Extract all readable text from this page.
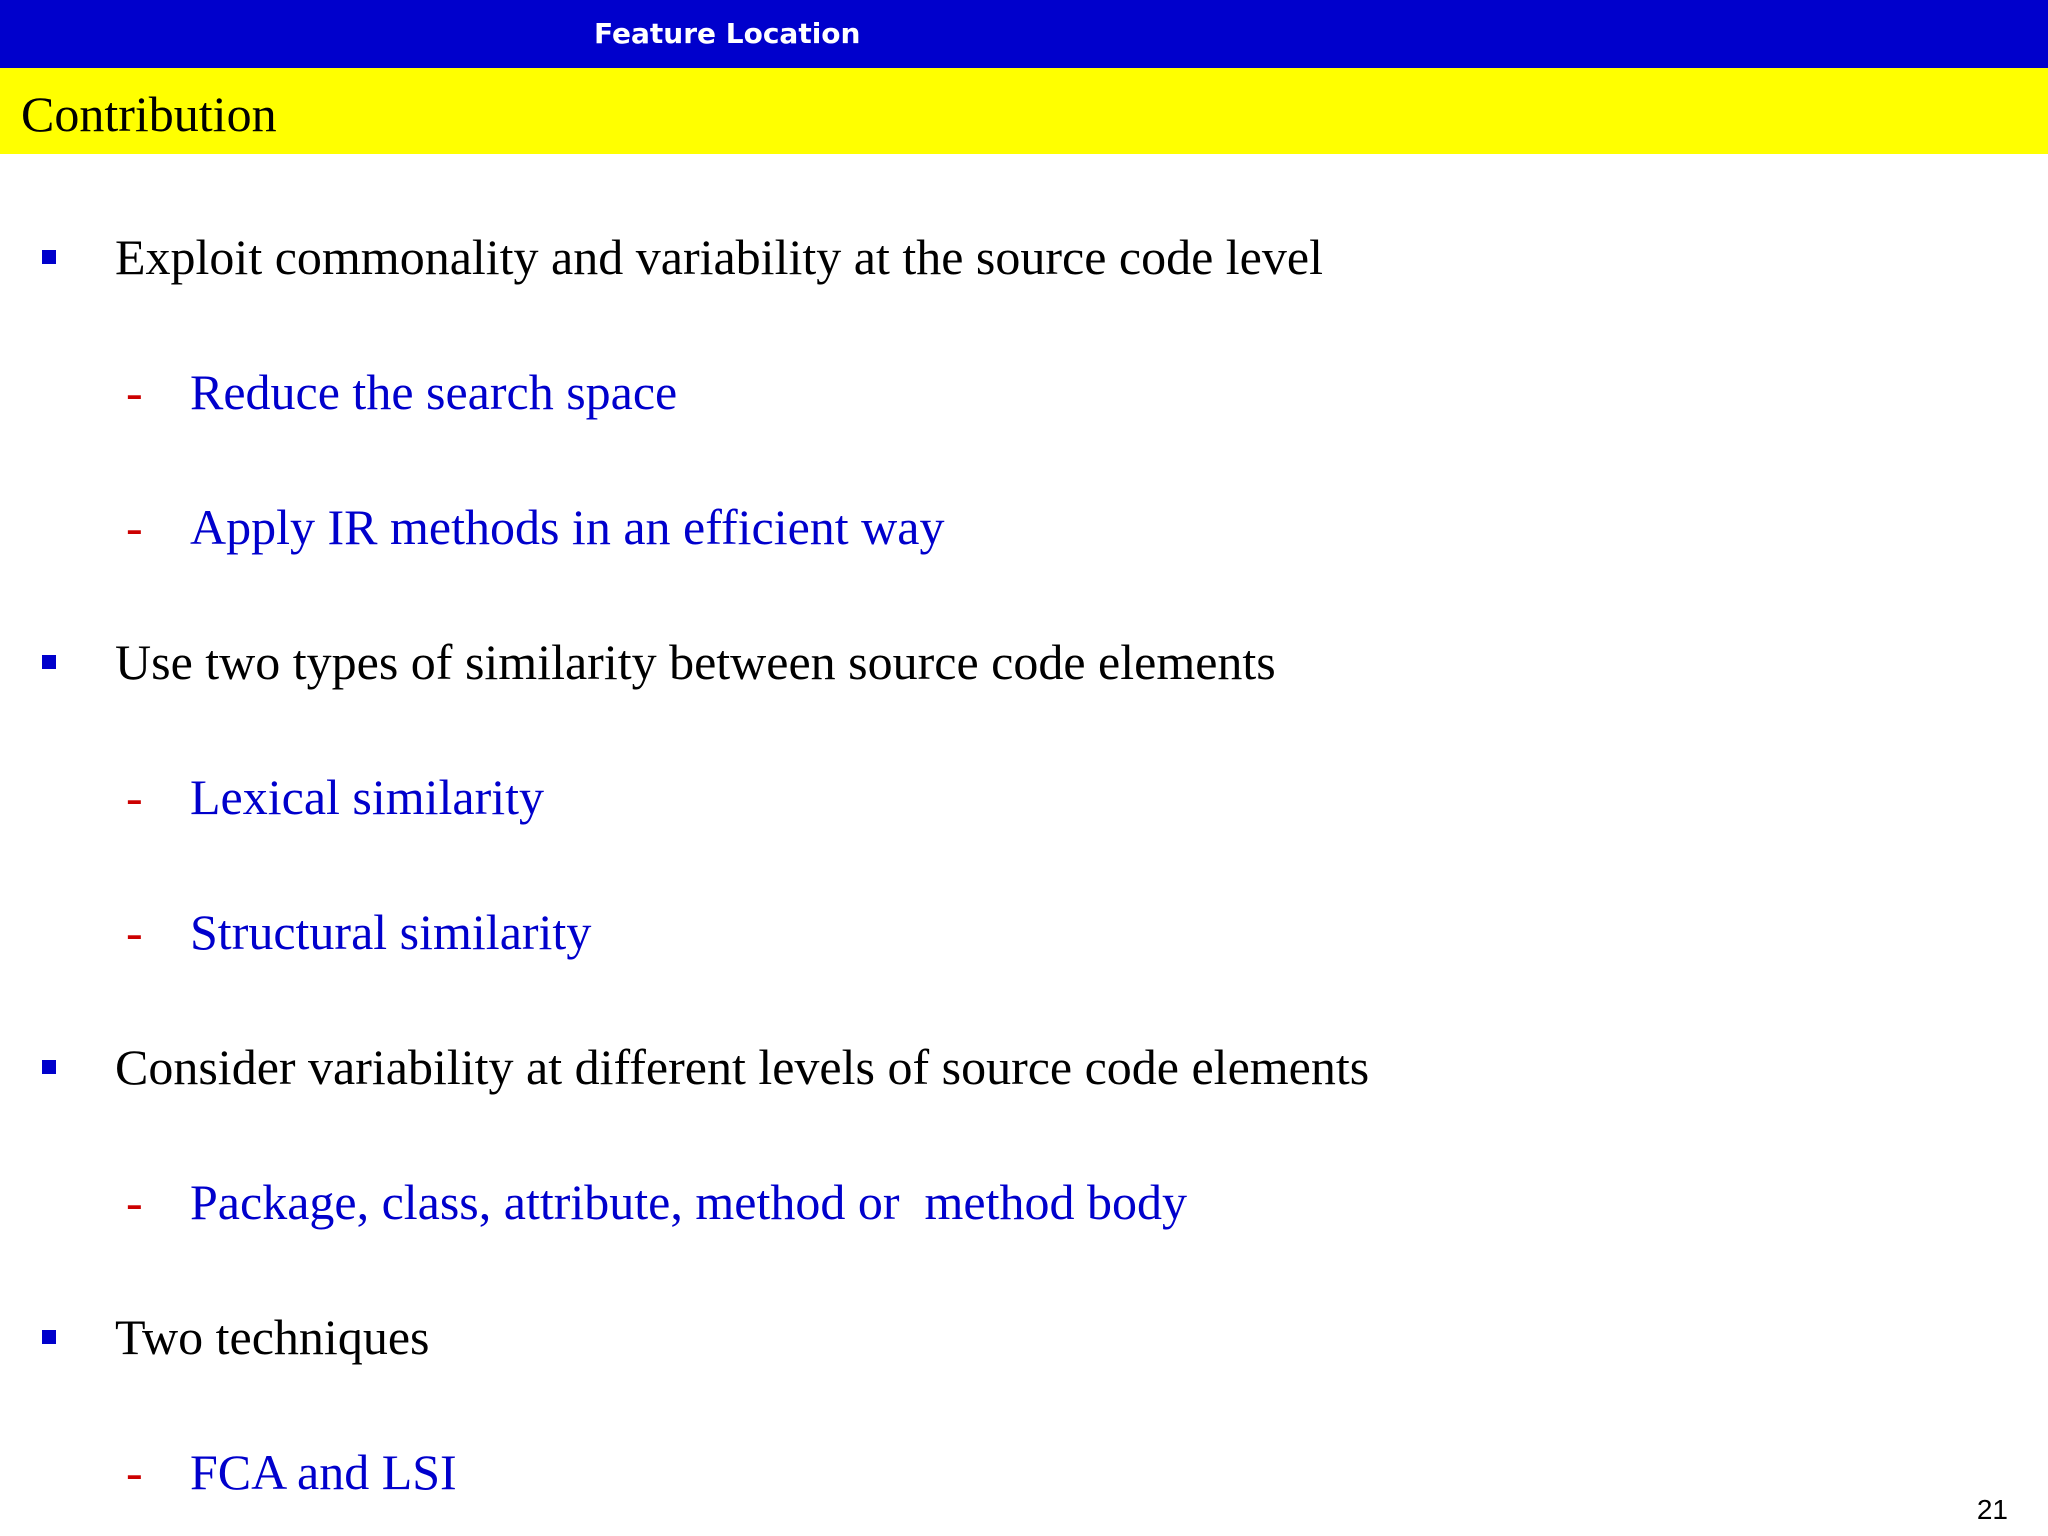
Feature Location
Contribution
Exploit commonality and variability at the source code level
- Reduce the search space
- Apply IR methods in an efficient way
Use two types of similarity between source code elements
- Lexical similarity
- Structural similarity
Consider variability at different levels of source code elements
- Package, class, attribute, method or  method body
Two techniques
- FCA and LSI
21
